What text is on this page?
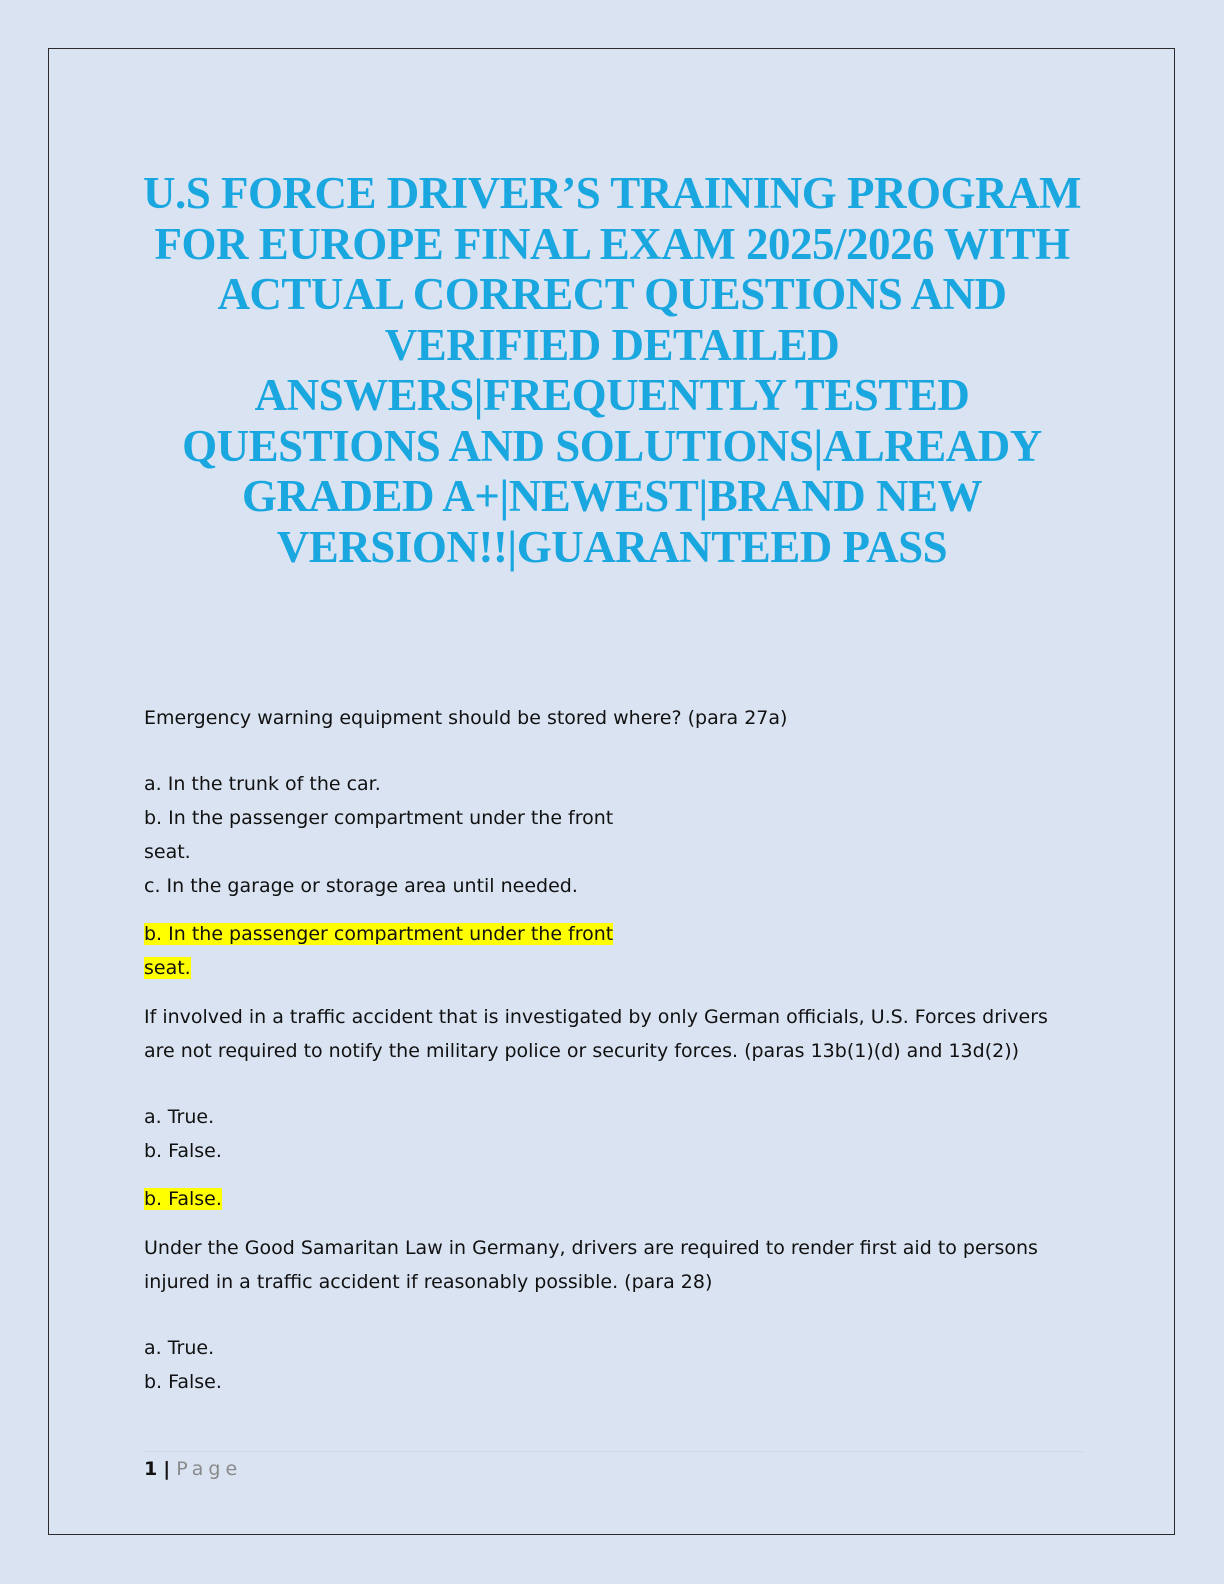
U.S FORCE DRIVER’S TRAINING PROGRAM FOR EUROPE FINAL EXAM 2025/2026 WITH ACTUAL CORRECT QUESTIONS AND VERIFIED DETAILED ANSWERS|FREQUENTLY TESTED QUESTIONS AND SOLUTIONS|ALREADY GRADED A+|NEWEST|BRAND NEW VERSION!!|GUARANTEED PASS

Emergency warning equipment should be stored where? (para 27a)

a. In the trunk of the car.

b. In the passenger compartment under the front seat.

c. In the garage or storage area until needed.

b. In the passenger compartment under the front seat.

If involved in a traffic accident that is investigated by only German officials, U.S. Forces drivers are not required to notify the military police or security forces. (paras 13b(1)(d) and 13d(2))

a. True.

b. False.

b. False.

Under the Good Samaritan Law in Germany, drivers are required to render first aid to persons injured in a traffic accident if reasonably possible. (para 28)

a. True.

b. False.

1 | Page
